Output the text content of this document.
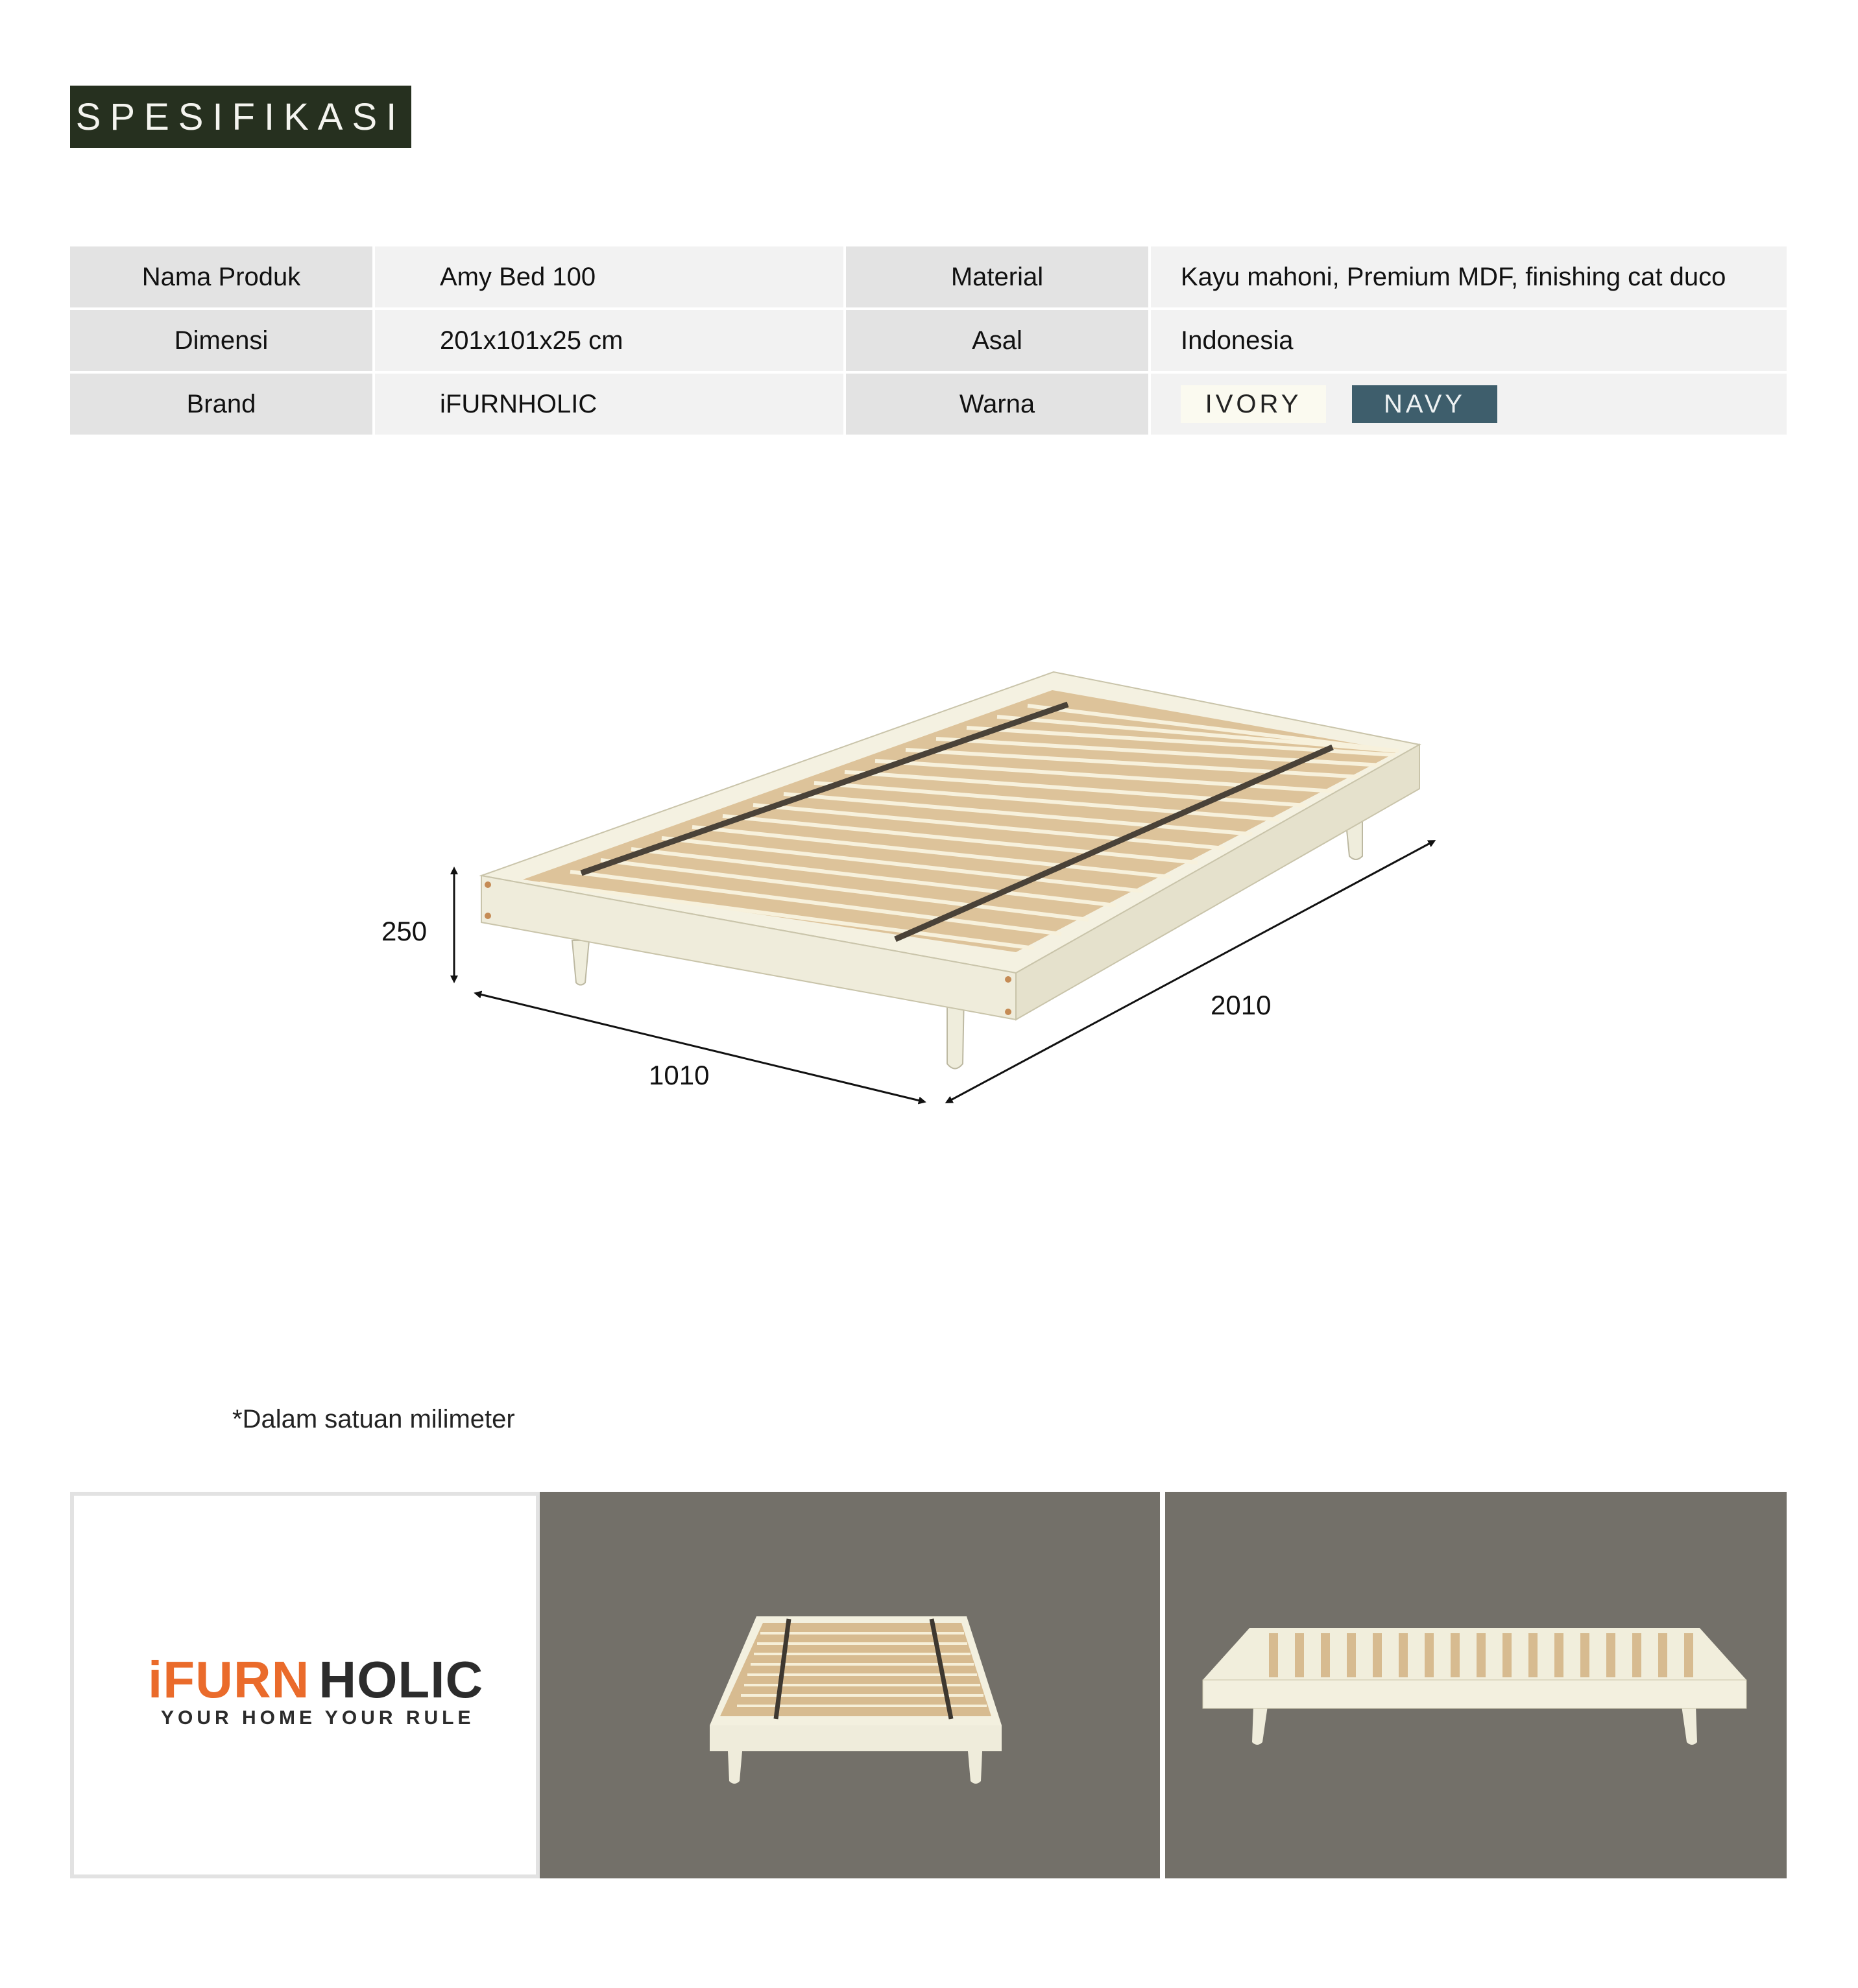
SPESIFIKASI
Nama Produk	Amy Bed 100	Material	Kayu mahoni, Premium MDF, finishing cat duco
Dimensi	201x101x25 cm	Asal	Indonesia
Brand	iFURNHOLIC	Warna	IVORY NAVY
250
1010
2010
*Dalam satuan milimeter
iFURN HOLIC
YOUR HOME YOUR RULE
